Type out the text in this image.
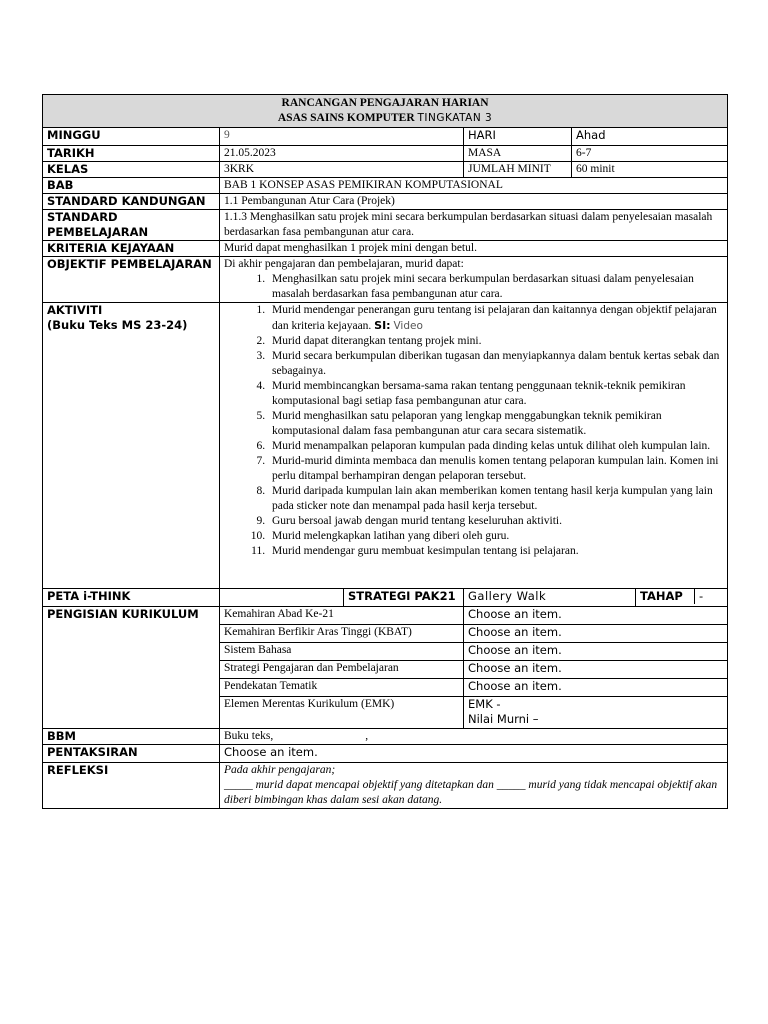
RANCANGAN PENGAJARAN HARIAN
ASAS SAINS KOMPUTER TINGKATAN 3

MINGGU	9	HARI	Ahad
TARIKH	21.05.2023	MASA	6-7
KELAS	3KRK	JUMLAH MINIT	60 minit
BAB	BAB 1 KONSEP ASAS PEMIKIRAN KOMPUTASIONAL
STANDARD KANDUNGAN	1.1 Pembangunan Atur Cara (Projek)
STANDARD PEMBELAJARAN	1.1.3 Menghasilkan satu projek mini secara berkumpulan berdasarkan situasi dalam penyelesaian masalah berdasarkan fasa pembangunan atur cara.
KRITERIA KEJAYAAN	Murid dapat menghasilkan 1 projek mini dengan betul.
OBJEKTIF PEMBELAJARAN	Di akhir pengajaran dan pembelajaran, murid dapat:
1. Menghasilkan satu projek mini secara berkumpulan berdasarkan situasi dalam penyelesaian masalah berdasarkan fasa pembangunan atur cara.

AKTIVITI
(Buku Teks MS 23-24)

1. Murid mendengar penerangan guru tentang isi pelajaran dan kaitannya dengan objektif pelajaran dan kriteria kejayaan. SI: Video
2. Murid dapat diterangkan tentang projek mini.
3. Murid secara berkumpulan diberikan tugasan dan menyiapkannya dalam bentuk kertas sebak dan sebagainya.
4. Murid membincangkan bersama-sama rakan tentang penggunaan teknik-teknik pemikiran komputasional bagi setiap fasa pembangunan atur cara.
5. Murid menghasilkan satu pelaporan yang lengkap menggabungkan teknik pemikiran komputasional dalam fasa pembangunan atur cara secara sistematik.
6. Murid menampalkan pelaporan kumpulan pada dinding kelas untuk dilihat oleh kumpulan lain.
7. Murid-murid diminta membaca dan menulis komen tentang pelaporan kumpulan lain. Komen ini perlu ditampal berhampiran dengan pelaporan tersebut.
8. Murid daripada kumpulan lain akan memberikan komen tentang hasil kerja kumpulan yang lain pada sticker note dan menampal pada hasil kerja tersebut.
9. Guru bersoal jawab dengan murid tentang keseluruhan aktiviti.
10. Murid melengkapkan latihan yang diberi oleh guru.
11. Murid mendengar guru membuat kesimpulan tentang isi pelajaran.

PETA i-THINK		STRATEGI PAK21	Gallery Walk		TAHAP	-

PENGISIAN KURIKULUM	Kemahiran Abad Ke-21	Choose an item.
Kemahiran Berfikir Aras Tinggi (KBAT)	Choose an item.
Sistem Bahasa	Choose an item.
Strategi Pengajaran dan Pembelajaran	Choose an item.
Pendekatan Tematik	Choose an item.
Elemen Merentas Kurikulum (EMK)	EMK -
Nilai Murni –

BBM	Buku teks,	,
PENTAKSIRAN	Choose an item.
REFLEKSI	Pada akhir pengajaran;
_____ murid dapat mencapai objektif yang ditetapkan dan _____ murid yang tidak mencapai objektif akan diberi bimbingan khas dalam sesi akan datang.
